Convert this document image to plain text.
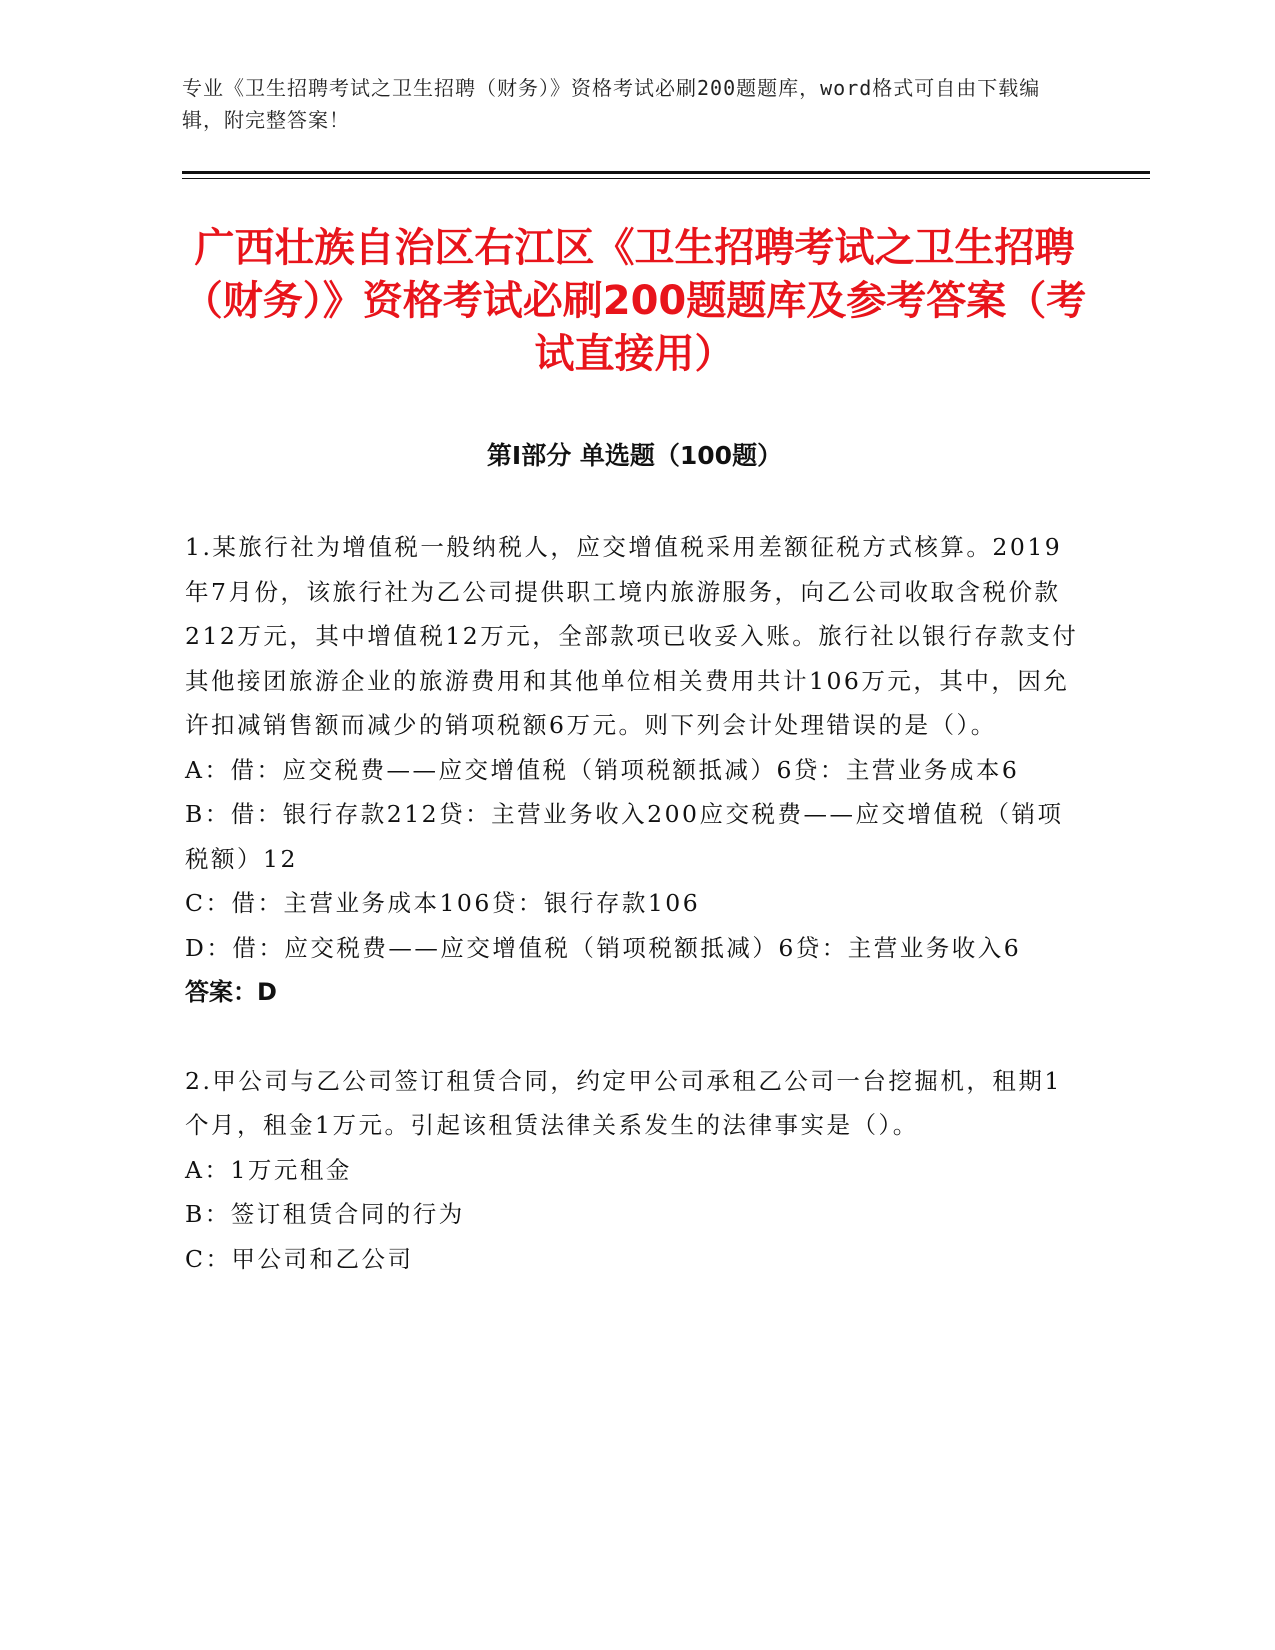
专业《卫生招聘考试之卫生招聘（财务）》资格考试必刷200题题库，word格式可自由下载编辑，附完整答案！
广西壮族自治区右江区《卫生招聘考试之卫生招聘（财务）》资格考试必刷200题题库及参考答案（考试直接用）
第Ⅰ部分 单选题（100题）

1.某旅行社为增值税一般纳税人，应交增值税采用差额征税方式核算。2019年7月份，该旅行社为乙公司提供职工境内旅游服务，向乙公司收取含税价款212万元，其中增值税12万元，全部款项已收妥入账。旅行社以银行存款支付其他接团旅游企业的旅游费用和其他单位相关费用共计106万元，其中，因允许扣减销售额而减少的销项税额6万元。则下列会计处理错误的是（）。

A：借：应交税费——应交增值税（销项税额抵减）6贷：主营业务成本6

B：借：银行存款212贷：主营业务收入200应交税费——应交增值税（销项税额）12

C：借：主营业务成本106贷：银行存款106

D：借：应交税费——应交增值税（销项税额抵减）6贷：主营业务收入6

答案：D

2.甲公司与乙公司签订租赁合同，约定甲公司承租乙公司一台挖掘机，租期1个月，租金1万元。引起该租赁法律关系发生的法律事实是（）。

A：1万元租金

B：签订租赁合同的行为

C：甲公司和乙公司
